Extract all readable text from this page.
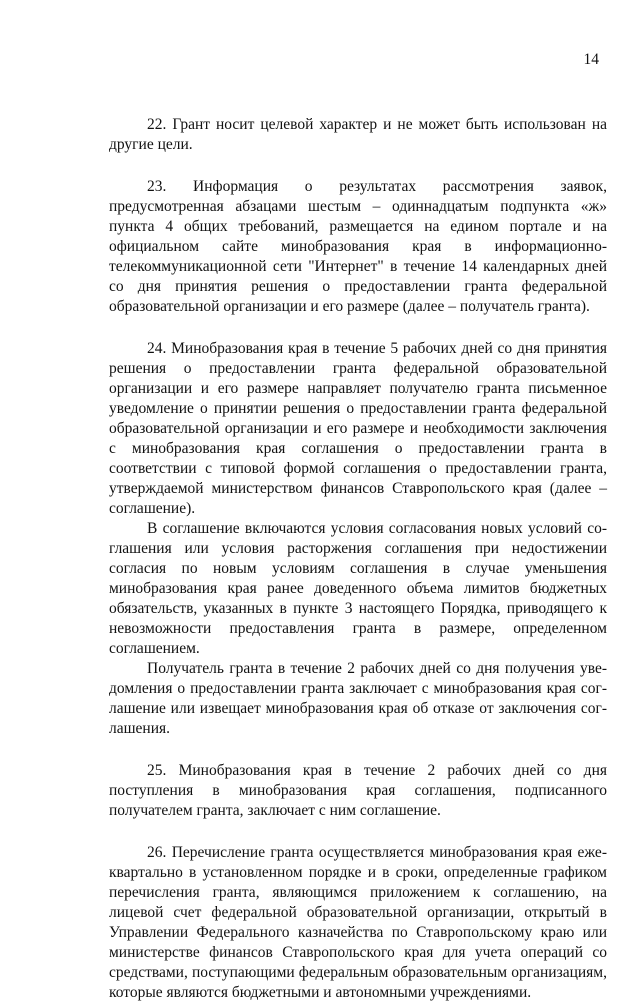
14

22. Грант носит целевой характер и не может быть использован на другие цели.

23. Информация о результатах рассмотрения заявок, предусмотренная абзацами шестым – одиннадцатым подпункта «ж» пункта 4 общих требований, размещается на едином портале и на официальном сайте минобразования края в информационно-телекоммуникационной сети "Интернет" в течение 14 календарных дней со дня принятия решения о предоставлении гранта федеральной образовательной организации и его размере (далее – получатель гранта).

24. Минобразования края в течение 5 рабочих дней со дня принятия решения о предоставлении гранта федеральной образовательной организации и его размере направляет получателю гранта письменное уведомление о принятии решения о предоставлении гранта федеральной образовательной организации и его размере и необходимости заключения с минобразования края соглашения о предоставлении гранта в соответствии с типовой формой соглашения о предоставлении гранта, утверждаемой министерством финансов Ставропольского края (далее – соглашение).

В соглашение включаются условия согласования новых условий соглашения или условия расторжения соглашения при недостижении согласия по новым условиям соглашения в случае уменьшения минобразования края ранее доведенного объема лимитов бюджетных обязательств, указанных в пункте 3 настоящего Порядка, приводящего к невозможности предоставления гранта в размере, определенном соглашением.

Получатель гранта в течение 2 рабочих дней со дня получения уведомления о предоставлении гранта заключает с минобразования края соглашение или извещает минобразования края об отказе от заключения соглашения.

25. Минобразования края в течение 2 рабочих дней со дня поступления в минобразования края соглашения, подписанного получателем гранта, заключает с ним соглашение.

26. Перечисление гранта осуществляется минобразования края ежеквартально в установленном порядке и в сроки, определенные графиком перечисления гранта, являющимся приложением к соглашению, на лицевой счет федеральной образовательной организации, открытый в Управлении Федерального казначейства по Ставропольскому краю или министерстве финансов Ставропольского края для учета операций со средствами, поступающими федеральным образовательным организациям, которые являются бюджетными и автономными учреждениями.
